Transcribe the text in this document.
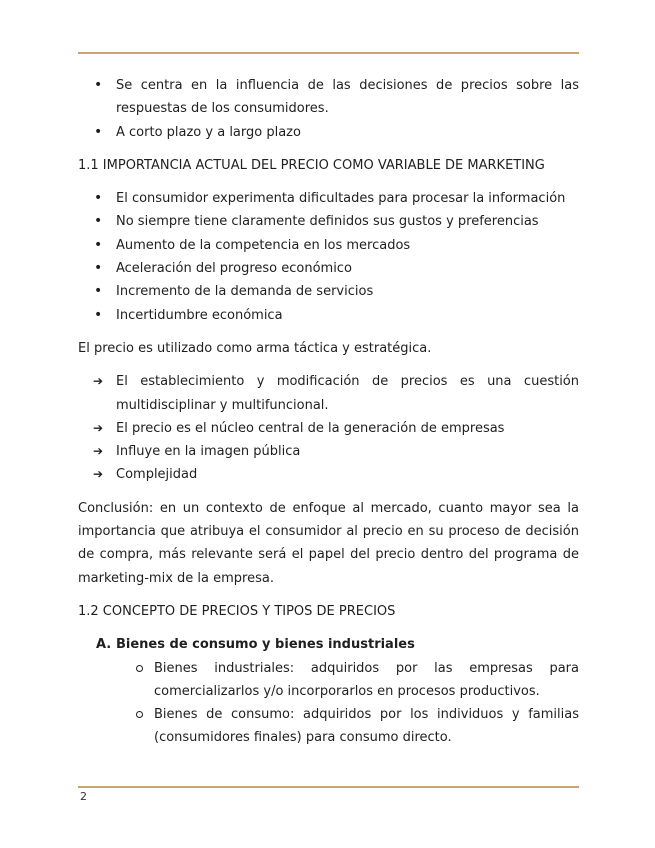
• Se centra en la influencia de las decisiones de precios sobre las respuestas de los consumidores.
• A corto plazo y a largo plazo
1.1 IMPORTANCIA ACTUAL DEL PRECIO COMO VARIABLE DE MARKETING
• El consumidor experimenta dificultades para procesar la información
• No siempre tiene claramente definidos sus gustos y preferencias
• Aumento de la competencia en los mercados
• Aceleración del progreso económico
• Incremento de la demanda de servicios
• Incertidumbre económica

El precio es utilizado como arma táctica y estratégica.

➔ El establecimiento y modificación de precios es una cuestión multidisciplinar y multifuncional.
➔ El precio es el núcleo central de la generación de empresas
➔ Influye en la imagen pública
➔ Complejidad

Conclusión: en un contexto de enfoque al mercado, cuanto mayor sea la importancia que atribuya el consumidor al precio en su proceso de decisión de compra, más relevante será el papel del precio dentro del programa de marketing-mix de la empresa.

1.2 CONCEPTO DE PRECIOS Y TIPOS DE PRECIOS
A. Bienes de consumo y bienes industriales
Bienes industriales: adquiridos por las empresas para comercializarlos y/o incorporarlos en procesos productivos.
Bienes de consumo: adquiridos por los individuos y familias (consumidores finales) para consumo directo.
2
